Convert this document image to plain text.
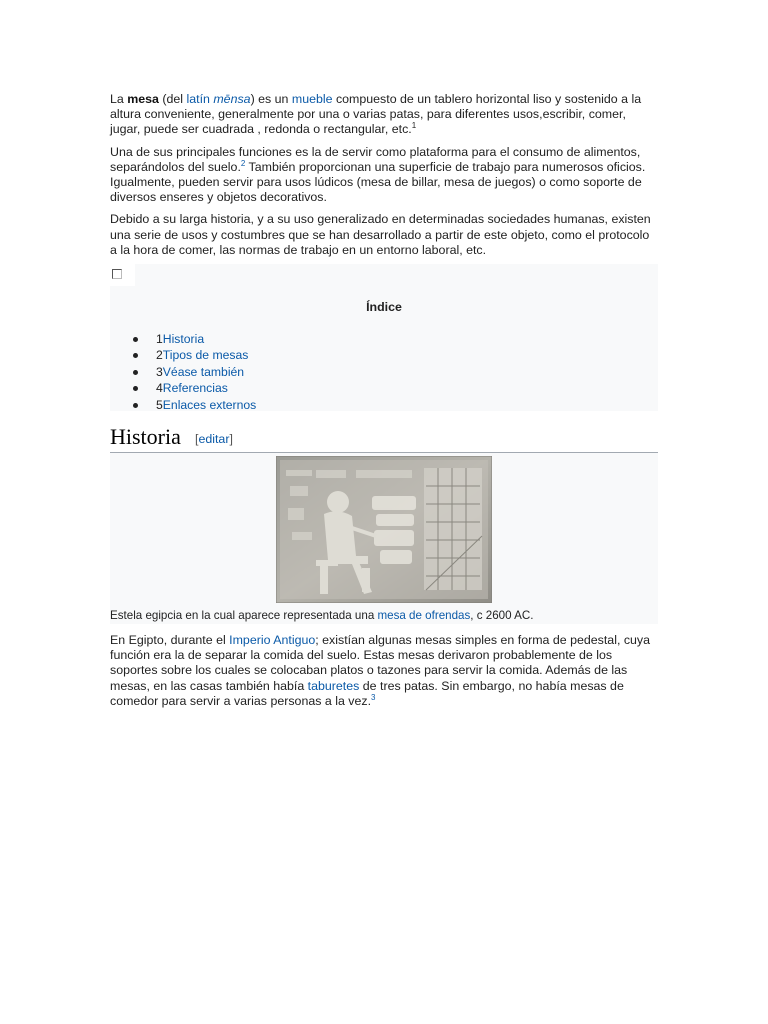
La mesa (del latín mēnsa) es un mueble compuesto de un tablero horizontal liso y sostenido a la altura conveniente, generalmente por una o varias patas, para diferentes usos,escribir, comer, jugar, puede ser cuadrada , redonda o rectangular, etc.$^1$

Una de sus principales funciones es la de servir como plataforma para el consumo de alimentos, separándolos del suelo.$^2$ También proporcionan una superficie de trabajo para numerosos oficios. Igualmente, pueden servir para usos lúdicos (mesa de billar, mesa de juegos) o como soporte de diversos enseres y objetos decorativos.

Debido a su larga historia, y a su uso generalizado en determinadas sociedades humanas, existen una serie de usos y costumbres que se han desarrollado a partir de este objeto, como el protocolo a la hora de comer, las normas de trabajo en un entorno laboral, etc.

Índice
1Historia
2Tipos de mesas
3Véase también
4Referencias
5Enlaces externos
Historia [editar]
Estela egipcia en la cual aparece representada una mesa de ofrendas, c 2600 AC.

En Egipto, durante el Imperio Antiguo; existían algunas mesas simples en forma de pedestal, cuya función era la de separar la comida del suelo. Estas mesas derivaron probablemente de los soportes sobre los cuales se colocaban platos o tazones para servir la comida. Además de las mesas, en las casas también había taburetes de tres patas. Sin embargo, no había mesas de comedor para servir a varias personas a la vez.$^3$
